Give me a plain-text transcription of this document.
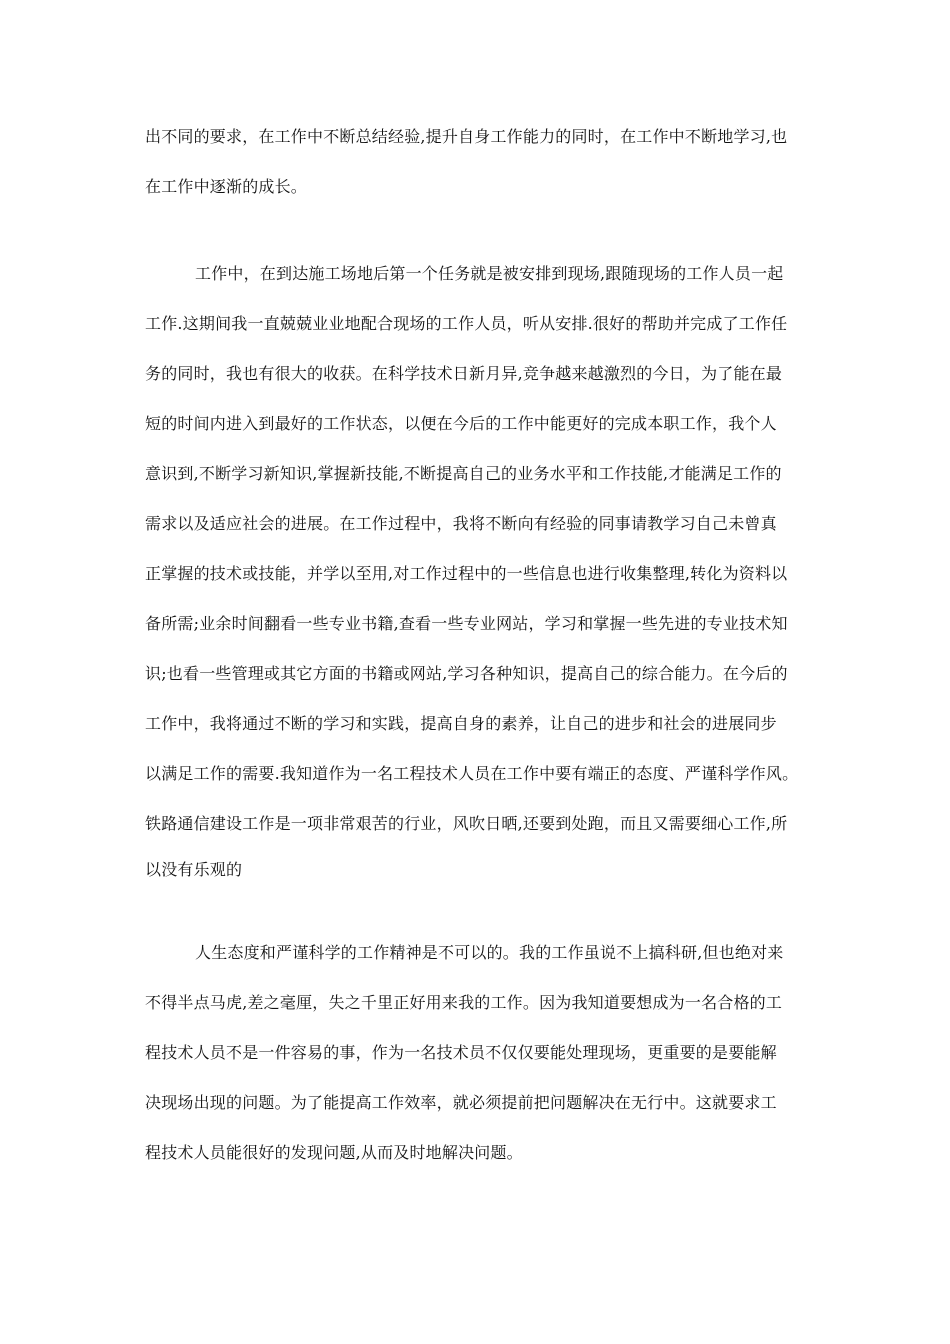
出不同的要求，在工作中不断总结经验,提升自身工作能力的同时，在工作中不断地学习,也

在工作中逐渐的成长。

工作中，在到达施工场地后第一个任务就是被安排到现场,跟随现场的工作人员一起

工作.这期间我一直兢兢业业地配合现场的工作人员，听从安排.很好的帮助并完成了工作任

务的同时，我也有很大的收获。在科学技术日新月异,竞争越来越激烈的今日，为了能在最

短的时间内进入到最好的工作状态，以便在今后的工作中能更好的完成本职工作，我个人

意识到,不断学习新知识,掌握新技能,不断提高自己的业务水平和工作技能,才能满足工作的

需求以及适应社会的进展。在工作过程中，我将不断向有经验的同事请教学习自己未曾真

正掌握的技术或技能，并学以至用,对工作过程中的一些信息也进行收集整理,转化为资料以

备所需;业余时间翻看一些专业书籍,查看一些专业网站，学习和掌握一些先进的专业技术知

识;也看一些管理或其它方面的书籍或网站,学习各种知识，提高自己的综合能力。在今后的

工作中，我将通过不断的学习和实践，提高自身的素养，让自己的进步和社会的进展同步

以满足工作的需要.我知道作为一名工程技术人员在工作中要有端正的态度、严谨科学作风。

铁路通信建设工作是一项非常艰苦的行业，风吹日晒,还要到处跑，而且又需要细心工作,所

以没有乐观的

人生态度和严谨科学的工作精神是不可以的。我的工作虽说不上搞科研,但也绝对来

不得半点马虎,差之毫厘，失之千里正好用来我的工作。因为我知道要想成为一名合格的工

程技术人员不是一件容易的事，作为一名技术员不仅仅要能处理现场，更重要的是要能解

决现场出现的问题。为了能提高工作效率，就必须提前把问题解决在无行中。这就要求工

程技术人员能很好的发现问题,从而及时地解决问题。
